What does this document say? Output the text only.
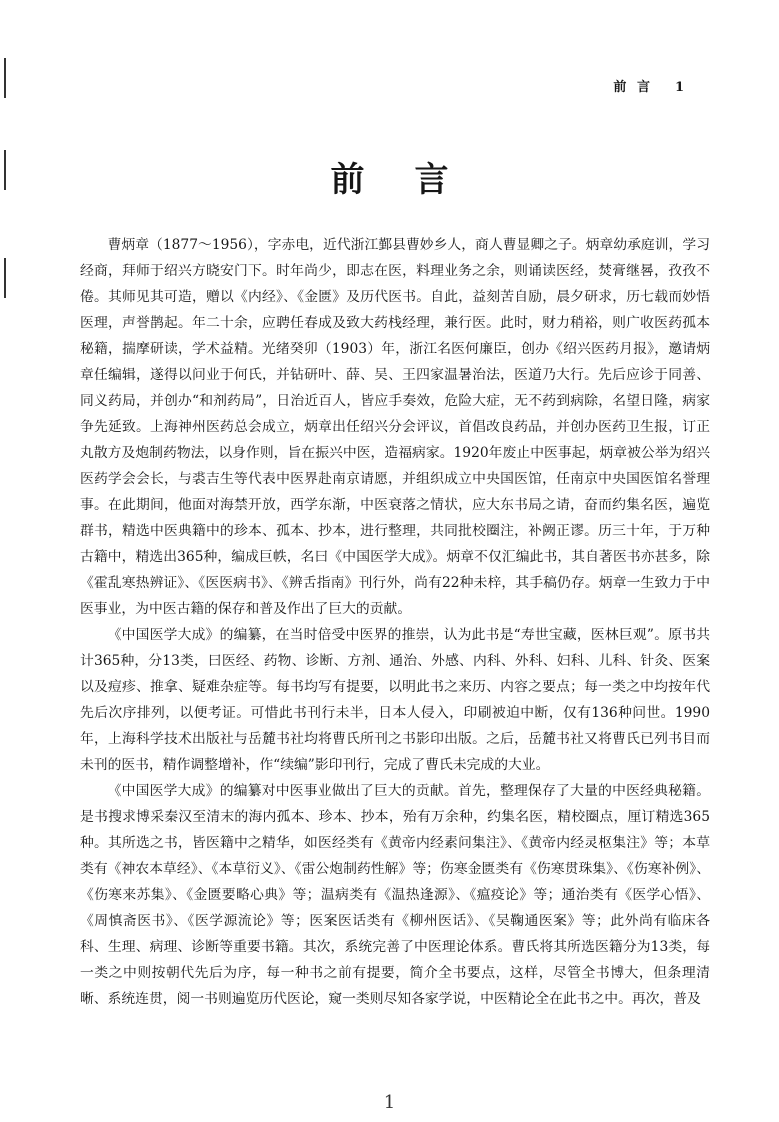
前 言 1
前言

曹炳章（1877～1956），字赤电，近代浙江鄞县曹妙乡人，商人曹显卿之子。炳章幼承庭训，学习经商，拜师于绍兴方晓安门下。时年尚少，即志在医，料理业务之余，则诵读医经，焚膏继晷，孜孜不倦。其师见其可造，赠以《内经》、《金匮》及历代医书。自此，益刻苦自励，晨夕研求，历七载而妙悟医理，声誉鹊起。年二十余，应聘任春成及致大药栈经理，兼行医。此时，财力稍裕，则广收医药孤本秘籍，揣摩研读，学术益精。光绪癸卯（1903）年，浙江名医何廉臣，创办《绍兴医药月报》，邀请炳章任编辑，遂得以问业于何氏，并钻研叶、薛、吴、王四家温暑治法，医道乃大行。先后应诊于同善、同义药局，并创办“和剂药局”，日治近百人，皆应手奏效，危险大症，无不药到病除，名望日隆，病家争先延致。上海神州医药总会成立，炳章出任绍兴分会评议，首倡改良药品，并创办医药卫生报，订正丸散方及炮制药物法，以身作则，旨在振兴中医，造福病家。1920年废止中医事起，炳章被公举为绍兴医药学会会长，与裘吉生等代表中医界赴南京请愿，并组织成立中央国医馆，任南京中央国医馆名誉理事。在此期间，他面对海禁开放，西学东渐，中医衰落之情状，应大东书局之请，奋而约集名医，遍览群书，精选中医典籍中的珍本、孤本、抄本，进行整理，共同批校圈注，补阙正谬。历三十年，于万种古籍中，精选出365种，编成巨帙，名曰《中国医学大成》。炳章不仅汇编此书，其自著医书亦甚多，除《霍乱寒热辨证》、《医医病书》、《辨舌指南》刊行外，尚有22种未梓，其手稿仍存。炳章一生致力于中医事业，为中医古籍的保存和普及作出了巨大的贡献。

《中国医学大成》的编纂，在当时倍受中医界的推崇，认为此书是“寿世宝藏，医林巨观”。原书共计365种，分13类，曰医经、药物、诊断、方剂、通治、外感、内科、外科、妇科、儿科、针灸、医案以及痘疹、推拿、疑难杂症等。每书均写有提要，以明此书之来历、内容之要点；每一类之中均按年代先后次序排列，以便考证。可惜此书刊行未半，日本人侵入，印刷被迫中断，仅有136种问世。1990年，上海科学技术出版社与岳麓书社均将曹氏所刊之书影印出版。之后，岳麓书社又将曹氏已列书目而未刊的医书，精作调整增补，作“续编”影印刊行，完成了曹氏未完成的大业。

《中国医学大成》的编纂对中医事业做出了巨大的贡献。首先，整理保存了大量的中医经典秘籍。是书搜求博采秦汉至清末的海内孤本、珍本、抄本，殆有万余种，约集名医，精校圈点，厘订精选365种。其所选之书，皆医籍中之精华，如医经类有《黄帝内经素问集注》、《黄帝内经灵枢集注》等；本草类有《神农本草经》、《本草衍义》、《雷公炮制药性解》等；伤寒金匮类有《伤寒贯珠集》、《伤寒补例》、《伤寒来苏集》、《金匮要略心典》等；温病类有《温热逢源》、《瘟疫论》等；通治类有《医学心悟》、《周慎斋医书》、《医学源流论》等；医案医话类有《柳州医话》、《吴鞠通医案》等；此外尚有临床各科、生理、病理、诊断等重要书籍。其次，系统完善了中医理论体系。曹氏将其所选医籍分为13类，每一类之中则按朝代先后为序，每一种书之前有提要，简介全书要点，这样，尽管全书博大，但条理清晰、系统连贯，阅一书则遍览历代医论，窥一类则尽知各家学说，中医精论全在此书之中。再次，普及

1
